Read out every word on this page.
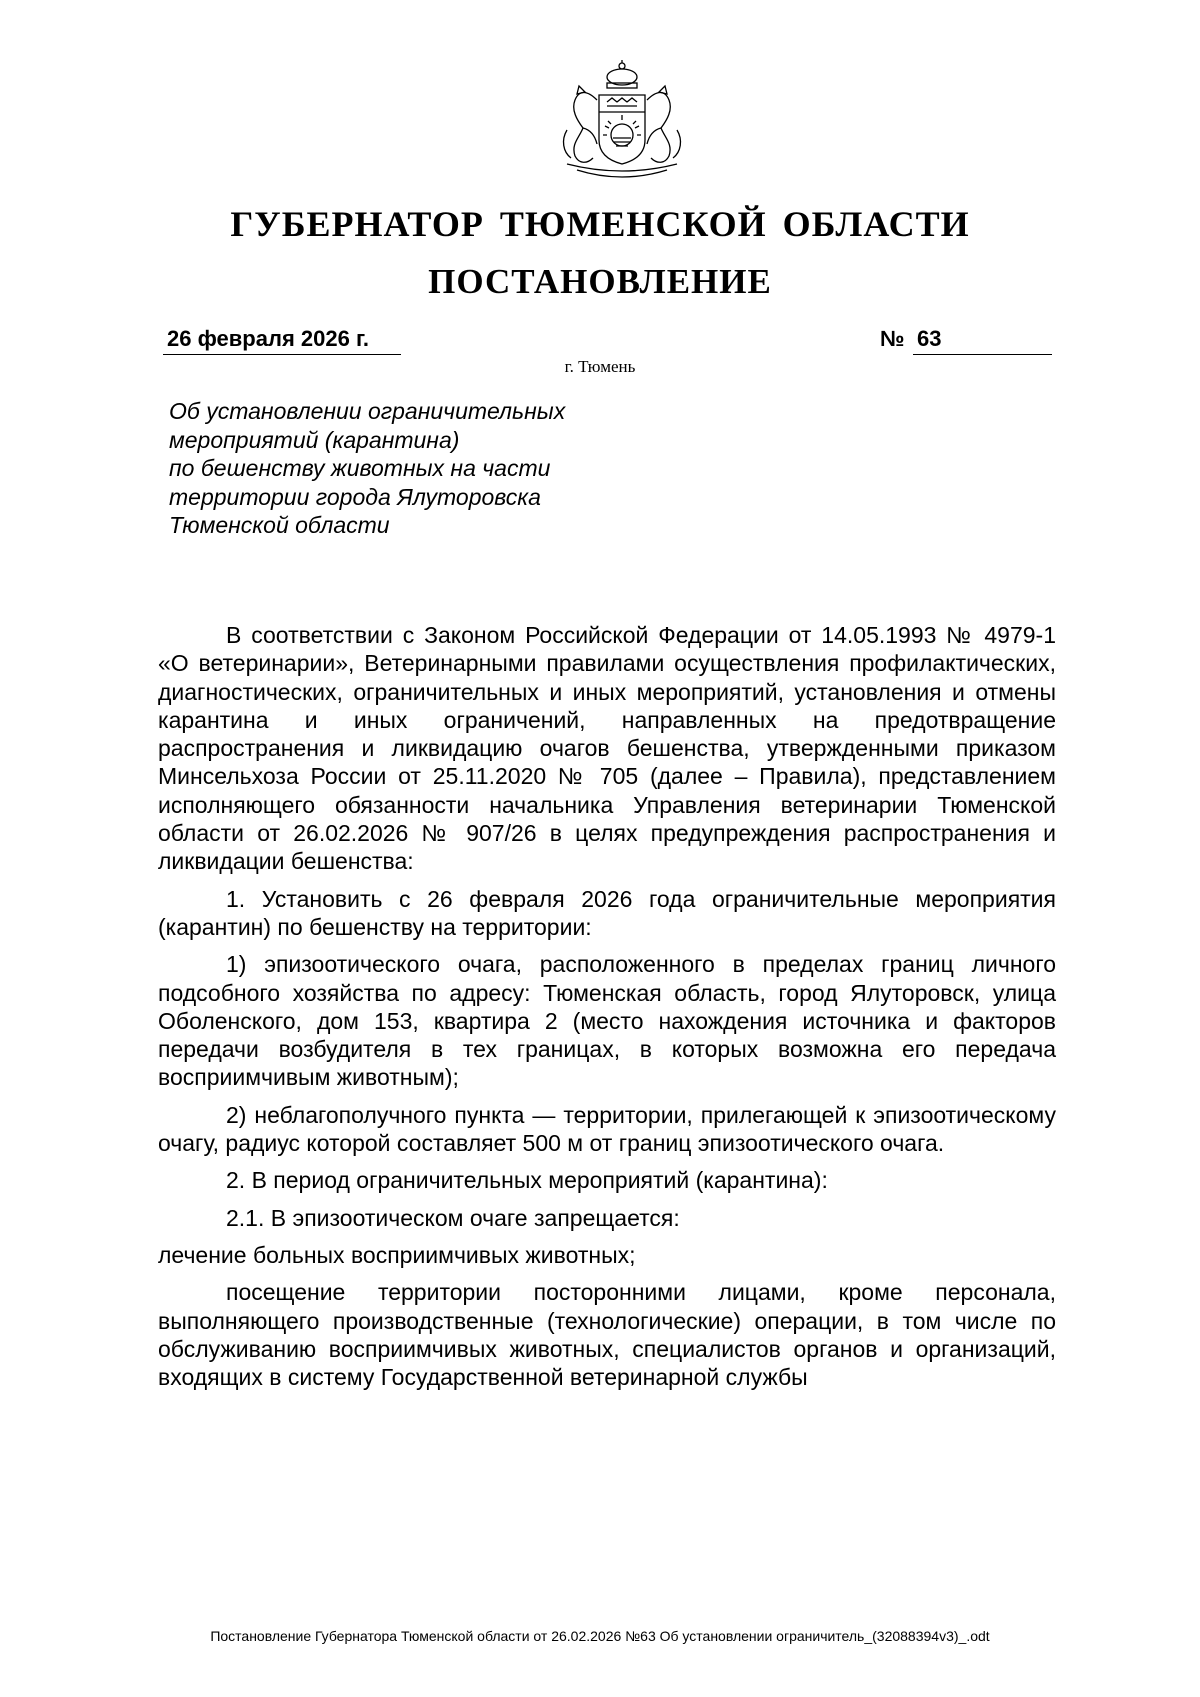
ГУБЕРНАТОР ТЮМЕНСКОЙ ОБЛАСТИ
ПОСТАНОВЛЕНИЕ
26 февраля 2026 г.	№ 63
г. Тюмень
Об установлении ограничительных
мероприятий (карантина)
по бешенству животных на части
территории города Ялуторовска
Тюменской области
В соответствии с Законом Российской Федерации от 14.05.1993 № 4979-1 «О ветеринарии», Ветеринарными правилами осуществления профилактических, диагностических, ограничительных и иных мероприятий, установления и отмены карантина и иных ограничений, направленных на предотвращение распространения и ликвидацию очагов бешенства, утвержденными приказом Минсельхоза России от 25.11.2020 № 705 (далее – Правила), представлением исполняющего обязанности начальника Управления ветеринарии Тюменской области от 26.02.2026 № 907/26 в целях предупреждения распространения и ликвидации бешенства:
1. Установить с 26 февраля 2026 года ограничительные мероприятия (карантин) по бешенству на территории:
1) эпизоотического очага, расположенного в пределах границ личного подсобного хозяйства по адресу: Тюменская область, город Ялуторовск, улица Оболенского, дом 153, квартира 2 (место нахождения источника и факторов передачи возбудителя в тех границах, в которых возможна его передача восприимчивым животным);
2) неблагополучного пункта — территории, прилегающей к эпизоотическому очагу, радиус которой составляет 500 м от границ эпизоотического очага.
2. В период ограничительных мероприятий (карантина):
2.1. В эпизоотическом очаге запрещается:
лечение больных восприимчивых животных;
посещение территории посторонними лицами, кроме персонала, выполняющего производственные (технологические) операции, в том числе по обслуживанию восприимчивых животных, специалистов органов и организаций, входящих в систему Государственной ветеринарной службы
Постановление Губернатора Тюменской области от 26.02.2026 №63 Об установлении ограничитель_(32088394v3)_.odt
